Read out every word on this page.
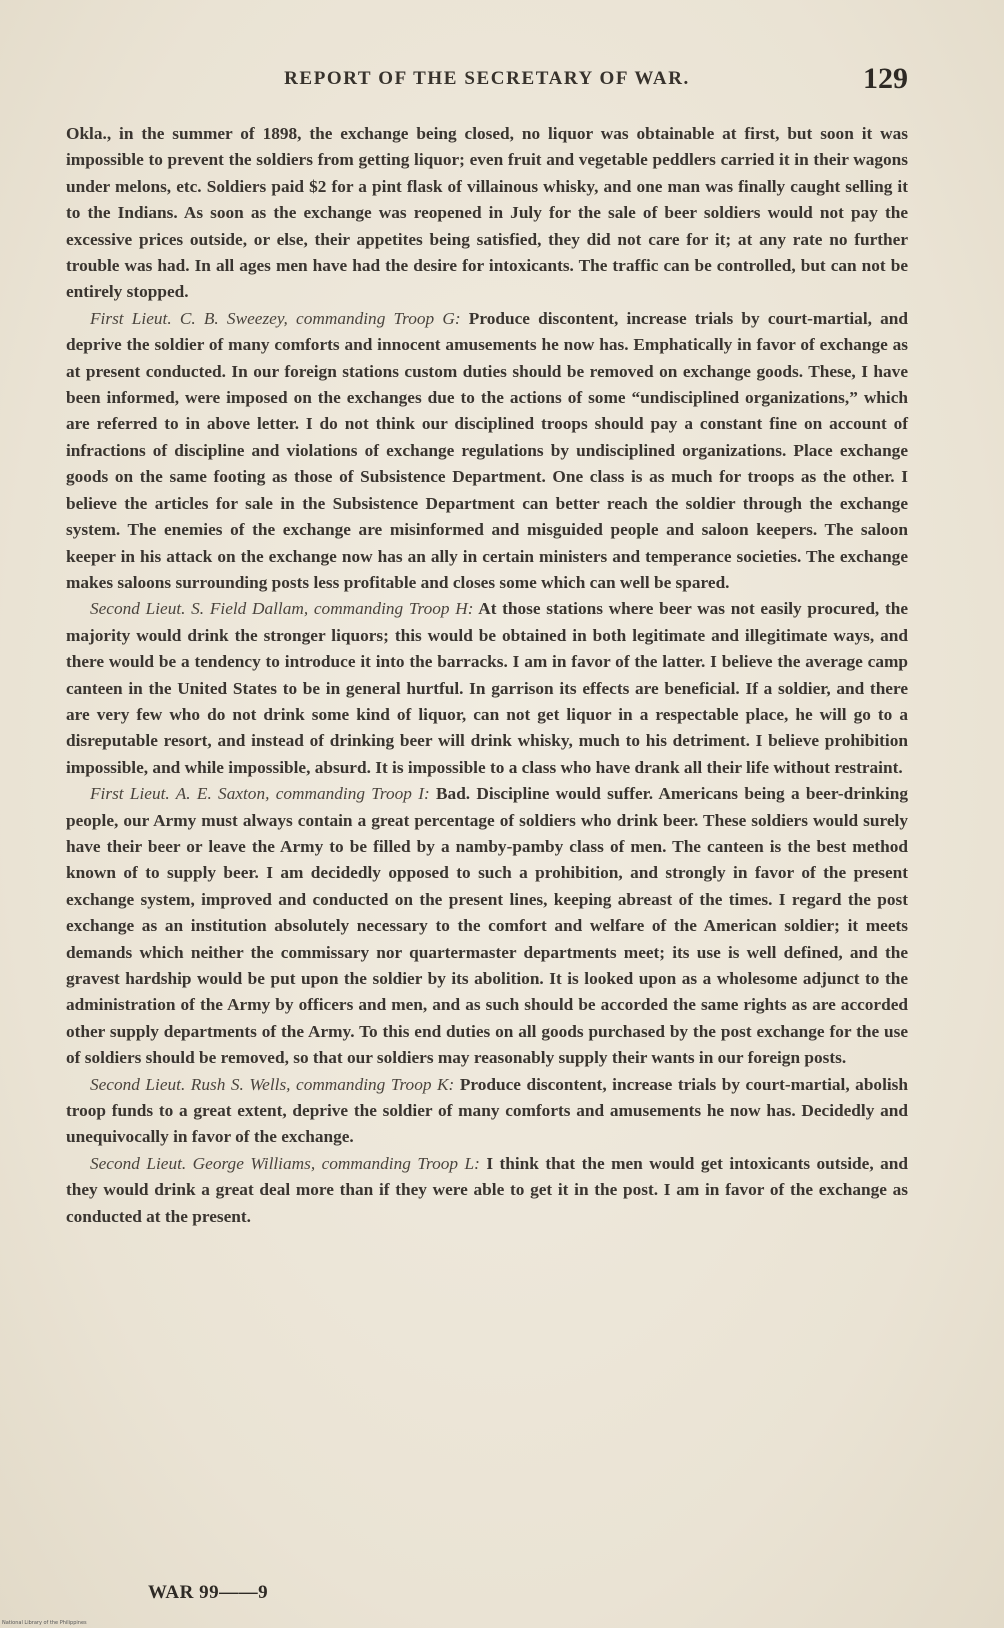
REPORT OF THE SECRETARY OF WAR.	129

Okla., in the summer of 1898, the exchange being closed, no liquor was obtainable at first, but soon it was impossible to prevent the soldiers from getting liquor; even fruit and vegetable peddlers carried it in their wagons under melons, etc. Soldiers paid $2 for a pint flask of villainous whisky, and one man was finally caught selling it to the Indians. As soon as the exchange was reopened in July for the sale of beer soldiers would not pay the excessive prices outside, or else, their appetites being satisfied, they did not care for it; at any rate no further trouble was had. In all ages men have had the desire for intoxicants. The traffic can be controlled, but can not be entirely stopped.

First Lieut. C. B. Sweezey, commanding Troop G: Produce discontent, increase trials by court-martial, and deprive the soldier of many comforts and innocent amusements he now has. Emphatically in favor of exchange as at present conducted. In our foreign stations custom duties should be removed on exchange goods. These, I have been informed, were imposed on the exchanges due to the actions of some “undisciplined organizations,” which are referred to in above letter. I do not think our disciplined troops should pay a constant fine on account of infractions of discipline and violations of exchange regulations by undisciplined organizations. Place exchange goods on the same footing as those of Subsistence Department. One class is as much for troops as the other. I believe the articles for sale in the Subsistence Department can better reach the soldier through the exchange system. The enemies of the exchange are misinformed and misguided people and saloon keepers. The saloon keeper in his attack on the exchange now has an ally in certain ministers and temperance societies. The exchange makes saloons surrounding posts less profitable and closes some which can well be spared.

Second Lieut. S. Field Dallam, commanding Troop H: At those stations where beer was not easily procured, the majority would drink the stronger liquors; this would be obtained in both legitimate and illegitimate ways, and there would be a tendency to introduce it into the barracks. I am in favor of the latter. I believe the average camp canteen in the United States to be in general hurtful. In garrison its effects are beneficial. If a soldier, and there are very few who do not drink some kind of liquor, can not get liquor in a respectable place, he will go to a disreputable resort, and instead of drinking beer will drink whisky, much to his detriment. I believe prohibition impossible, and while impossible, absurd. It is impossible to a class who have drank all their life without restraint.

First Lieut. A. E. Saxton, commanding Troop I: Bad. Discipline would suffer. Americans being a beer-drinking people, our Army must always contain a great percentage of soldiers who drink beer. These soldiers would surely have their beer or leave the Army to be filled by a namby-pamby class of men. The canteen is the best method known of to supply beer. I am decidedly opposed to such a prohibition, and strongly in favor of the present exchange system, improved and conducted on the present lines, keeping abreast of the times. I regard the post exchange as an institution absolutely necessary to the comfort and welfare of the American soldier; it meets demands which neither the commissary nor quartermaster departments meet; its use is well defined, and the gravest hardship would be put upon the soldier by its abolition. It is looked upon as a wholesome adjunct to the administration of the Army by officers and men, and as such should be accorded the same rights as are accorded other supply departments of the Army. To this end duties on all goods purchased by the post exchange for the use of soldiers should be removed, so that our soldiers may reasonably supply their wants in our foreign posts.

Second Lieut. Rush S. Wells, commanding Troop K: Produce discontent, increase trials by court-martial, abolish troop funds to a great extent, deprive the soldier of many comforts and amusements he now has. Decidedly and unequivocally in favor of the exchange.

Second Lieut. George Williams, commanding Troop L: I think that the men would get intoxicants outside, and they would drink a great deal more than if they were able to get it in the post. I am in favor of the exchange as conducted at the present.

WAR 99——9
National Library of the Philippines
